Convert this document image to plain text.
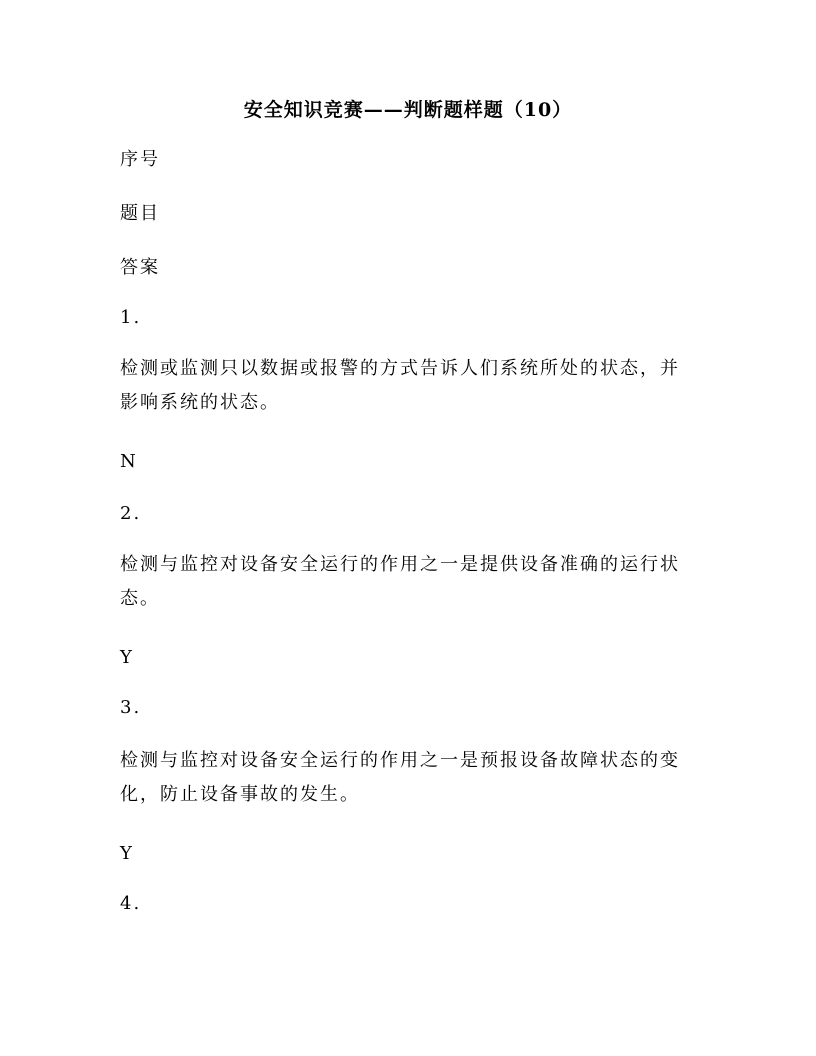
安全知识竞赛——判断题样题（10）
序号
题目
答案
1.
检测或监测只以数据或报警的方式告诉人们系统所处的状态，并
影响系统的状态。
N
2.
检测与监控对设备安全运行的作用之一是提供设备准确的运行状
态。
Y
3.
检测与监控对设备安全运行的作用之一是预报设备故障状态的变
化，防止设备事故的发生。
Y
4.
